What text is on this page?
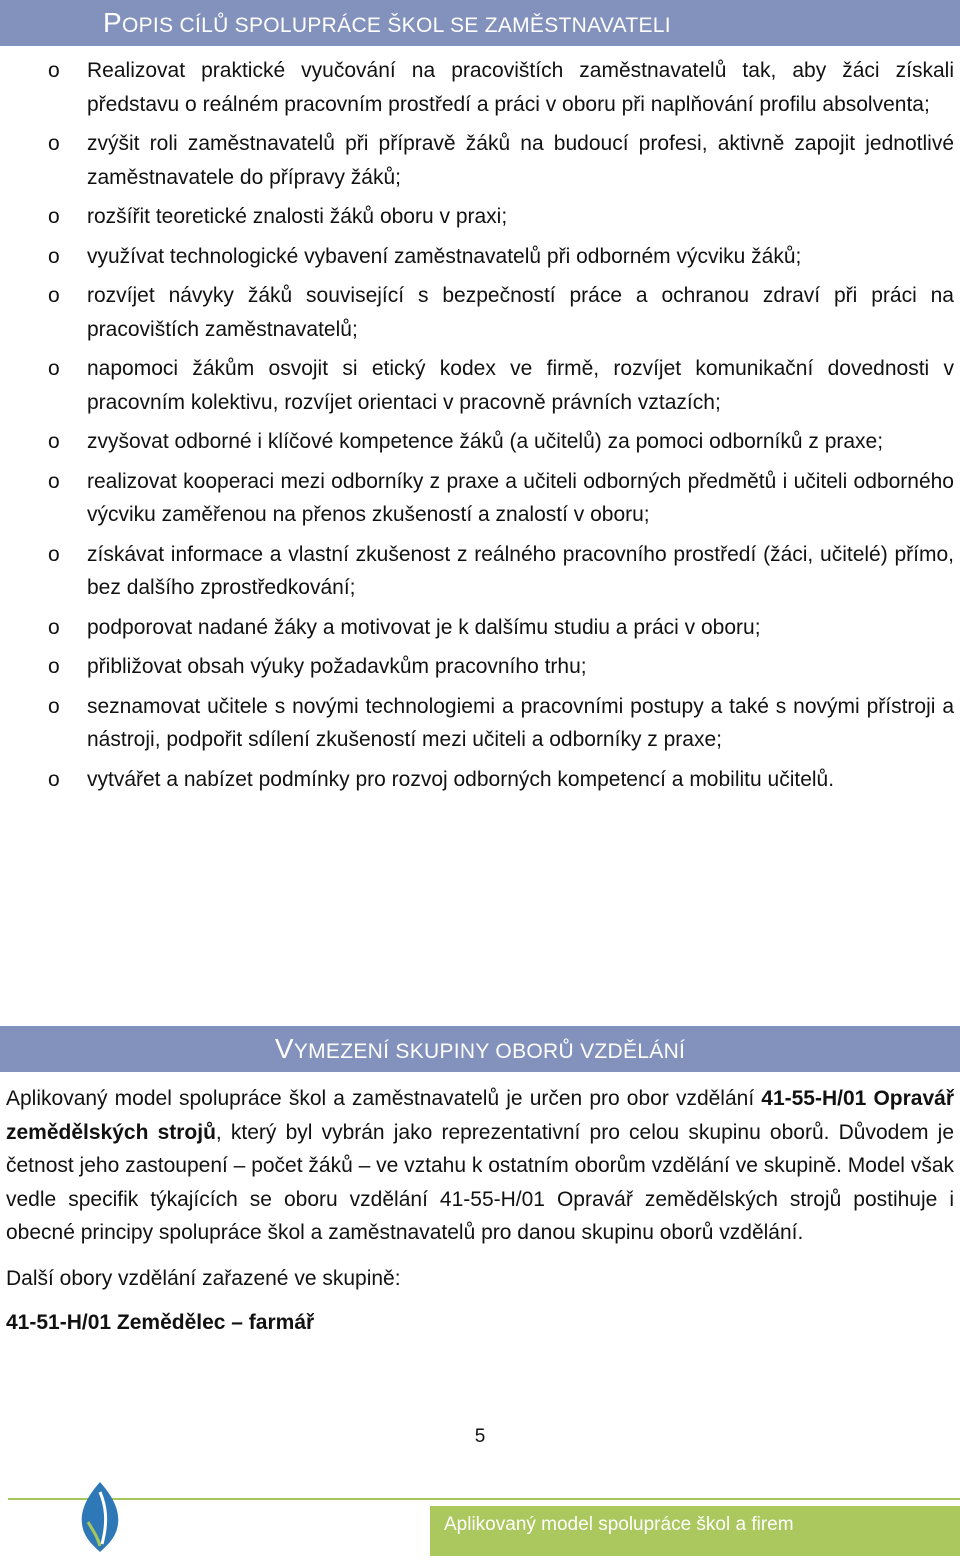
POPIS CÍLŮ SPOLUPRÁCE ŠKOL SE ZAMĚSTNAVATELI
o Realizovat praktické vyučování na pracovištích zaměstnavatelů tak, aby žáci získali představu o reálném pracovním prostředí a práci v oboru při naplňování profilu absolventa;
o zvýšit roli zaměstnavatelů při přípravě žáků na budoucí profesi, aktivně zapojit jednotlivé zaměstnavatele do přípravy žáků;
o rozšířit teoretické znalosti žáků oboru v praxi;
o využívat technologické vybavení zaměstnavatelů při odborném výcviku žáků;
o rozvíjet návyky žáků související s bezpečností práce a ochranou zdraví při práci na pracovištích zaměstnavatelů;
o napomoci žákům osvojit si etický kodex ve firmě, rozvíjet komunikační dovednosti v pracovním kolektivu, rozvíjet orientaci v pracovně právních vztazích;
o zvyšovat odborné i klíčové kompetence žáků (a učitelů) za pomoci odborníků z praxe;
o realizovat kooperaci mezi odborníky z praxe a učiteli odborných předmětů i učiteli odborného výcviku zaměřenou na přenos zkušeností a znalostí v oboru;
o získávat informace a vlastní zkušenost z reálného pracovního prostředí (žáci, učitelé) přímo, bez dalšího zprostředkování;
o podporovat nadané žáky a motivovat je k dalšímu studiu a práci v oboru;
o přibližovat obsah výuky požadavkům pracovního trhu;
o seznamovat učitele s novými technologiemi a pracovními postupy a také s novými přístroji a nástroji, podpořit sdílení zkušeností mezi učiteli a odborníky z praxe;
o vytvářet a nabízet podmínky pro rozvoj odborných kompetencí a mobilitu učitelů.
VYMEZENÍ SKUPINY OBORŮ VZDĚLÁNÍ

Aplikovaný model spolupráce škol a zaměstnavatelů je určen pro obor vzdělání 41-55-H/01 Opravář zemědělských strojů, který byl vybrán jako reprezentativní pro celou skupinu oborů. Důvodem je četnost jeho zastoupení – počet žáků – ve vztahu k ostatním oborům vzdělání ve skupině. Model však vedle specifik týkajících se oboru vzdělání 41-55-H/01 Opravář zemědělských strojů postihuje i obecné principy spolupráce škol a zaměstnavatelů pro danou skupinu oborů vzdělání.

Další obory vzdělání zařazené ve skupině:

41-51-H/01 Zemědělec – farmář

5
Aplikovaný model spolupráce škol a firem
